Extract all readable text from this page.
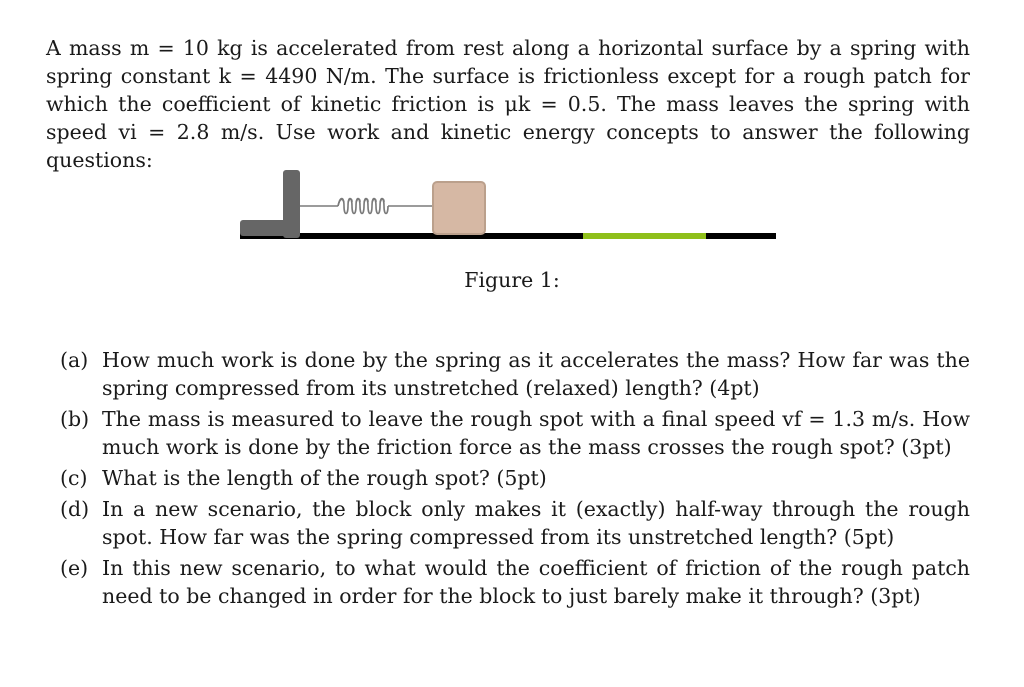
A mass m = 10 kg is accelerated from rest along a horizontal surface by a spring with spring constant k = 4490 N/m. The surface is frictionless except for a rough patch for which the coefficient of kinetic friction is μk = 0.5. The mass leaves the spring with speed vi = 2.8 m/s. Use work and kinetic energy concepts to answer the following questions:

Figure 1:
(a) How much work is done by the spring as it accelerates the mass? How far was the spring compressed from its unstretched (relaxed) length? (4pt)
(b) The mass is measured to leave the rough spot with a final speed vf = 1.3 m/s. How much work is done by the friction force as the mass crosses the rough spot? (3pt)
(c) What is the length of the rough spot? (5pt)
(d) In a new scenario, the block only makes it (exactly) half-way through the rough spot. How far was the spring compressed from its unstretched length? (5pt)
(e) In this new scenario, to what would the coefficient of friction of the rough patch need to be changed in order for the block to just barely make it through? (3pt)
